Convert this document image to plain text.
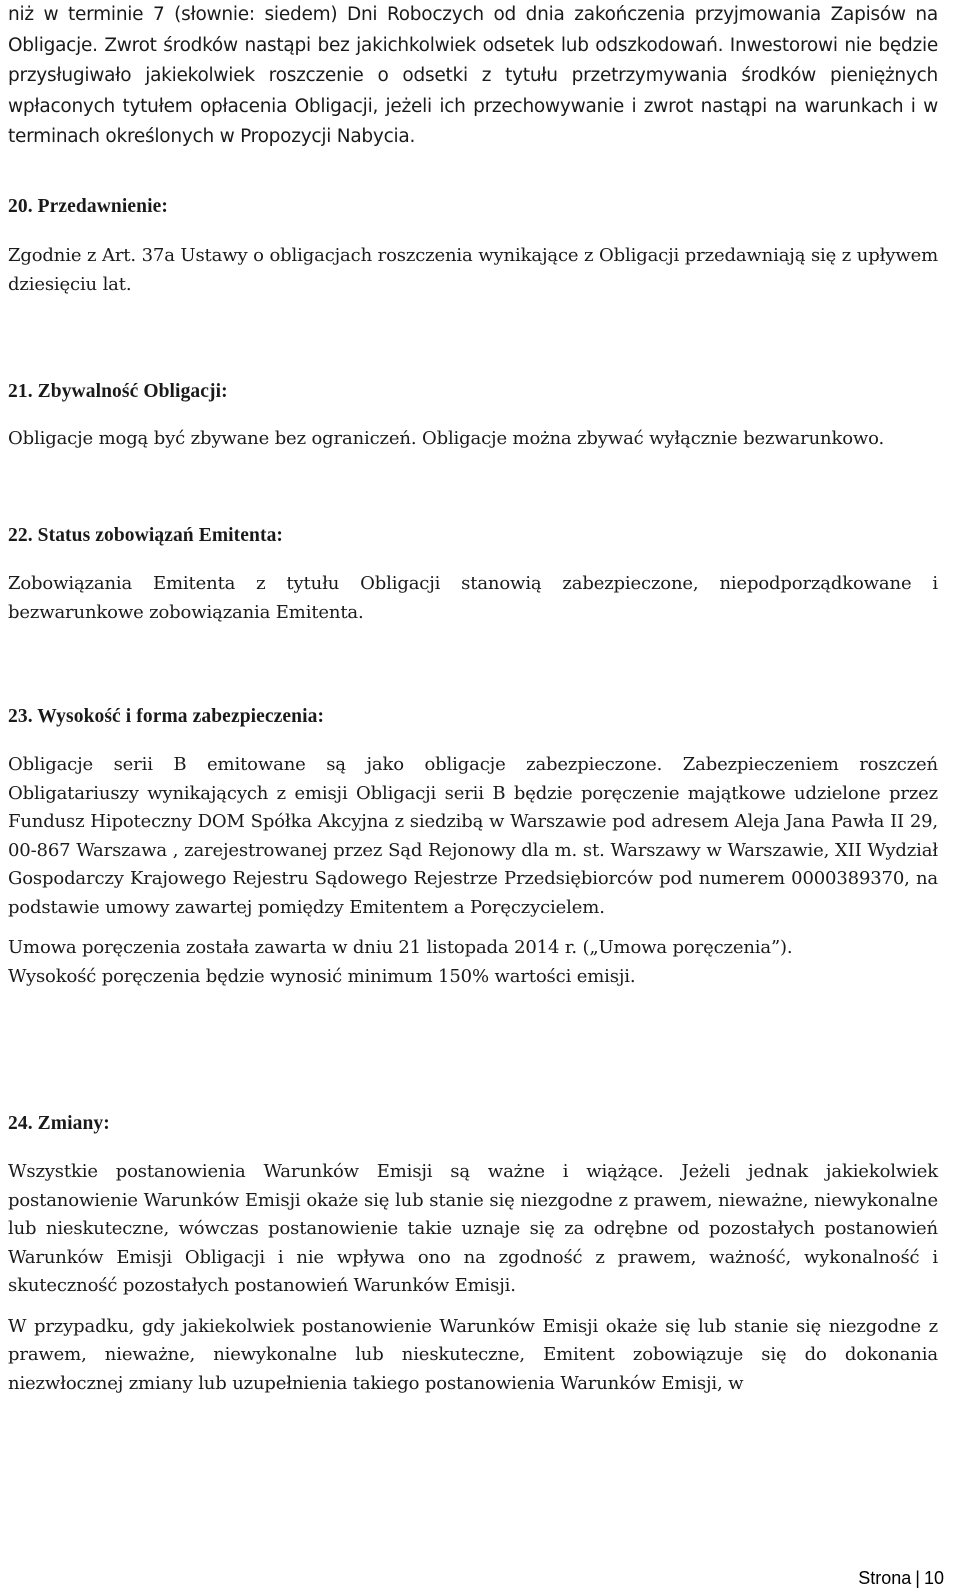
niż w terminie 7 (słownie: siedem) Dni Roboczych od dnia zakończenia przyjmowania Zapisów na Obligacje. Zwrot środków nastąpi bez jakichkolwiek odsetek lub odszkodowań. Inwestorowi nie będzie przysługiwało jakiekolwiek roszczenie o odsetki z tytułu przetrzymywania środków pieniężnych wpłaconych tytułem opłacenia Obligacji, jeżeli ich przechowywanie i zwrot nastąpi na warunkach i w terminach określonych w Propozycji Nabycia.

20. Przedawnienie:

Zgodnie z Art. 37a Ustawy o obligacjach roszczenia wynikające z Obligacji przedawniają się z upływem dziesięciu lat.

21. Zbywalność Obligacji:

Obligacje mogą być zbywane bez ograniczeń. Obligacje można zbywać wyłącznie bezwarunkowo.

22. Status zobowiązań Emitenta:

Zobowiązania Emitenta z tytułu Obligacji stanowią zabezpieczone, niepodporządkowane i bezwarunkowe zobowiązania Emitenta.

23. Wysokość i forma zabezpieczenia:

Obligacje serii B emitowane są jako obligacje zabezpieczone. Zabezpieczeniem roszczeń Obligatariuszy wynikających z emisji Obligacji serii B będzie poręczenie majątkowe udzielone przez Fundusz Hipoteczny DOM Spółka Akcyjna z siedzibą w Warszawie pod adresem Aleja Jana Pawła II 29, 00-867 Warszawa , zarejestrowanej przez Sąd Rejonowy dla m. st. Warszawy w Warszawie, XII Wydział Gospodarczy Krajowego Rejestru Sądowego Rejestrze Przedsiębiorców pod numerem 0000389370, na podstawie umowy zawartej pomiędzy Emitentem a Poręczycielem.

Umowa poręczenia została zawarta w dniu 21 listopada 2014 r. („Umowa poręczenia”).

Wysokość poręczenia będzie wynosić minimum 150% wartości emisji.

24. Zmiany:

Wszystkie postanowienia Warunków Emisji są ważne i wiążące. Jeżeli jednak jakiekolwiek postanowienie Warunków Emisji okaże się lub stanie się niezgodne z prawem, nieważne, niewykonalne lub nieskuteczne, wówczas postanowienie takie uznaje się za odrębne od pozostałych postanowień Warunków Emisji Obligacji i nie wpływa ono na zgodność z prawem, ważność, wykonalność i skuteczność pozostałych postanowień Warunków Emisji.

W przypadku, gdy jakiekolwiek postanowienie Warunków Emisji okaże się lub stanie się niezgodne z prawem, nieważne, niewykonalne lub nieskuteczne, Emitent zobowiązuje się do dokonania niezwłocznej zmiany lub uzupełnienia takiego postanowienia Warunków Emisji, w

Strona | 10
